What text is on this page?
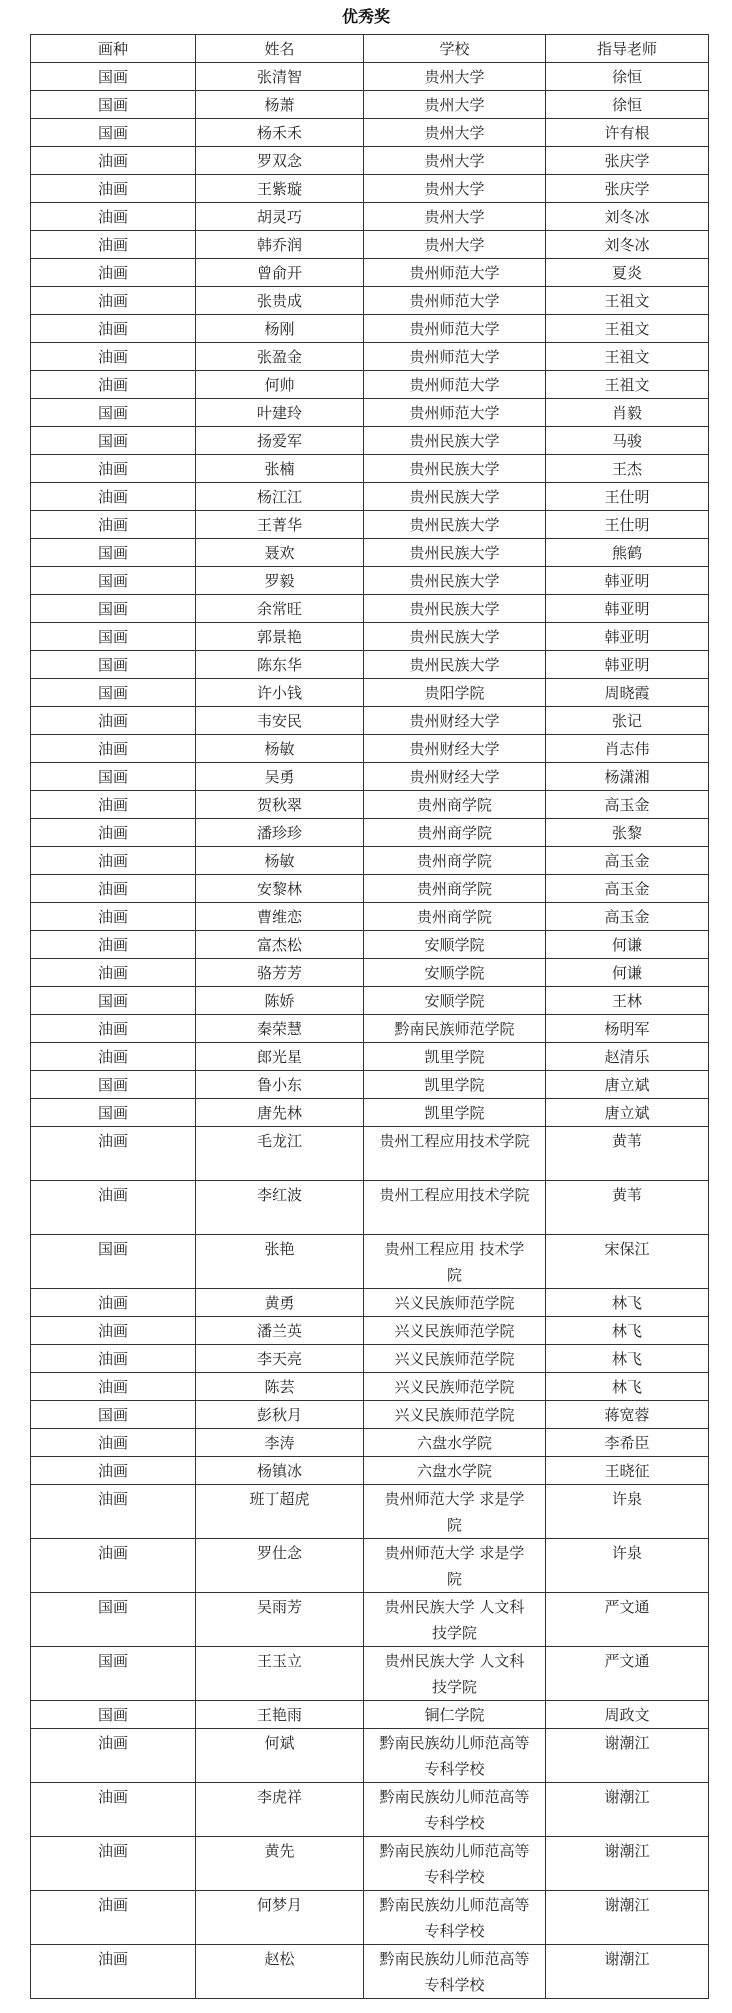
优秀奖
画种	姓名	学校	指导老师
国画	张清智	贵州大学	徐恒
国画	杨萧	贵州大学	徐恒
国画	杨禾禾	贵州大学	许有根
油画	罗双念	贵州大学	张庆学
油画	王紫璇	贵州大学	张庆学
油画	胡灵巧	贵州大学	刘冬冰
油画	韩乔润	贵州大学	刘冬冰
油画	曾俞开	贵州师范大学	夏炎
油画	张贵成	贵州师范大学	王祖文
油画	杨刚	贵州师范大学	王祖文
油画	张盈金	贵州师范大学	王祖文
油画	何帅	贵州师范大学	王祖文
国画	叶建玲	贵州师范大学	肖毅
国画	扬爱军	贵州民族大学	马骏
油画	张楠	贵州民族大学	王杰
油画	杨江江	贵州民族大学	王仕明
油画	王菁华	贵州民族大学	王仕明
国画	聂欢	贵州民族大学	熊鹤
国画	罗毅	贵州民族大学	韩亚明
国画	余常旺	贵州民族大学	韩亚明
国画	郭景艳	贵州民族大学	韩亚明
国画	陈东华	贵州民族大学	韩亚明
国画	许小钱	贵阳学院	周晓霞
油画	韦安民	贵州财经大学	张记
油画	杨敏	贵州财经大学	肖志伟
国画	吴勇	贵州财经大学	杨潇湘
油画	贺秋翠	贵州商学院	高玉金
油画	潘珍珍	贵州商学院	张黎
油画	杨敏	贵州商学院	高玉金
油画	安黎林	贵州商学院	高玉金
油画	曹维恋	贵州商学院	高玉金
油画	富杰松	安顺学院	何谦
油画	骆芳芳	安顺学院	何谦
国画	陈娇	安顺学院	王林
油画	秦荣慧	黔南民族师范学院	杨明军
油画	郎光星	凯里学院	赵清乐
国画	鲁小东	凯里学院	唐立斌
国画	唐先林	凯里学院	唐立斌
油画	毛龙江	贵州工程应用技术学院	黄苇
油画	李红波	贵州工程应用技术学院	黄苇
国画	张艳	贵州工程应用 技术学院	宋保江
油画	黄勇	兴义民族师范学院	林飞
油画	潘兰英	兴义民族师范学院	林飞
油画	李天亮	兴义民族师范学院	林飞
油画	陈芸	兴义民族师范学院	林飞
国画	彭秋月	兴义民族师范学院	蒋宽蓉
油画	李涛	六盘水学院	李希臣
油画	杨镇冰	六盘水学院	王晓征
油画	班丁超虎	贵州师范大学 求是学院	许泉
油画	罗仕念	贵州师范大学 求是学院	许泉
国画	吴雨芳	贵州民族大学 人文科技学院	严文通
国画	王玉立	贵州民族大学 人文科技学院	严文通
国画	王艳雨	铜仁学院	周政文
油画	何斌	黔南民族幼儿师范高等专科学校	谢潮江
油画	李虎祥	黔南民族幼儿师范高等专科学校	谢潮江
油画	黄先	黔南民族幼儿师范高等专科学校	谢潮江
油画	何梦月	黔南民族幼儿师范高等专科学校	谢潮江
油画	赵松	黔南民族幼儿师范高等专科学校	谢潮江
